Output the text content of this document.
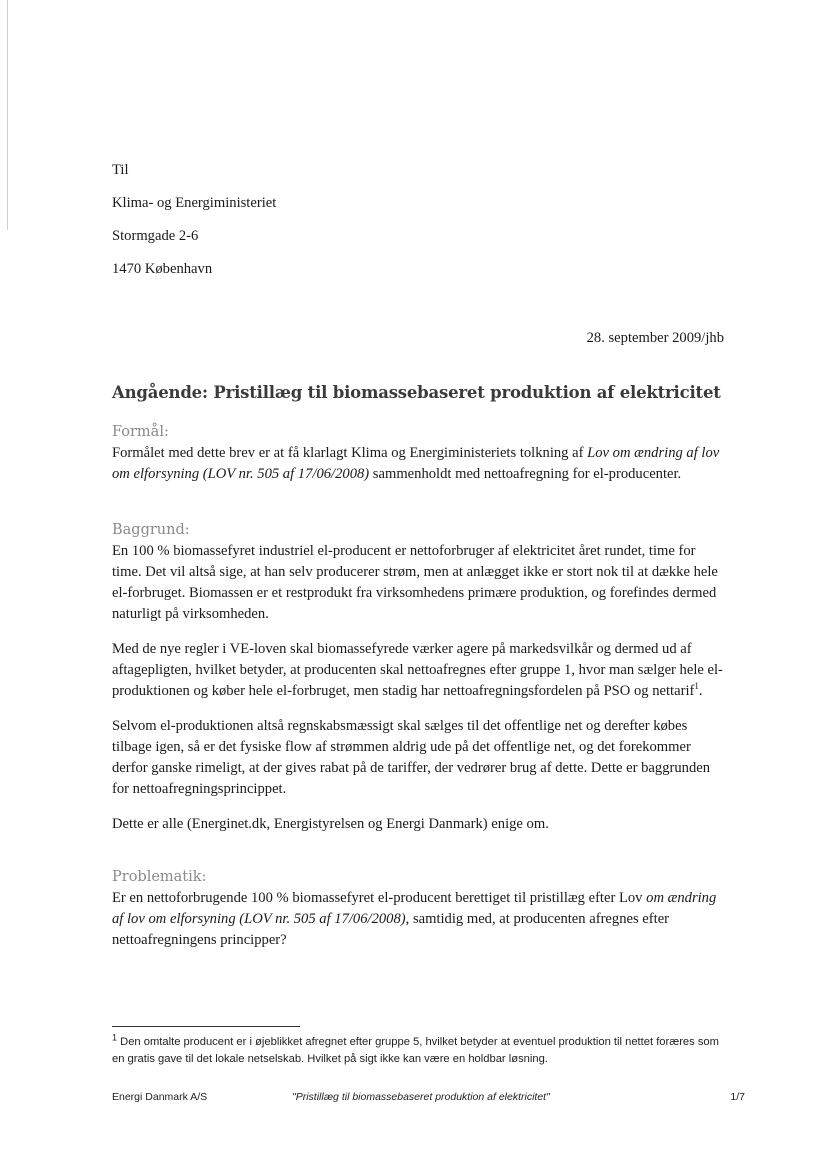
Til

Klima- og Energiministeriet

Stormgade 2-6

1470 København

28. september 2009/jhb
Angående: Pristillæg til biomassebaseret produktion af elektricitet
Formål:

Formålet med dette brev er at få klarlagt Klima og Energiministeriets tolkning af Lov om ændring af lov om elforsyning (LOV nr. 505 af 17/06/2008) sammenholdt med nettoafregning for el-producenter.

Baggrund:

En 100 % biomassefyret industriel el-producent er nettoforbruger af elektricitet året rundet, time for time. Det vil altså sige, at han selv producerer strøm, men at anlægget ikke er stort nok til at dække hele el-forbruget. Biomassen er et restprodukt fra virksomhedens primære produktion, og forefindes dermed naturligt på virksomheden.

Med de nye regler i VE-loven skal biomassefyrede værker agere på markedsvilkår og dermed ud af aftagepligten, hvilket betyder, at producenten skal nettoafregnes efter gruppe 1, hvor man sælger hele el-produktionen og køber hele el-forbruget, men stadig har nettoafregningsfordelen på PSO og nettarif$^1$.

Selvom el-produktionen altså regnskabsmæssigt skal sælges til det offentlige net og derefter købes tilbage igen, så er det fysiske flow af strømmen aldrig ude på det offentlige net, og det forekommer derfor ganske rimeligt, at der gives rabat på de tariffer, der vedrører brug af dette. Dette er baggrunden for nettoafregningsprincippet.

Dette er alle (Energinet.dk, Energistyrelsen og Energi Danmark) enige om.

Problematik:

Er en nettoforbrugende 100 % biomassefyret el-producent berettiget til pristillæg efter Lov om ændring af lov om elforsyning (LOV nr. 505 af 17/06/2008), samtidig med, at producenten afregnes efter nettoafregningens principper?

$^1$ Den omtalte producent er i øjeblikket afregnet efter gruppe 5, hvilket betyder at eventuel produktion til nettet foræres som en gratis gave til det lokale netselskab. Hvilket på sigt ikke kan være en holdbar løsning.
Energi Danmark A/S	"Pristillæg til biomassebaseret produktion af elektricitet"	1/7
